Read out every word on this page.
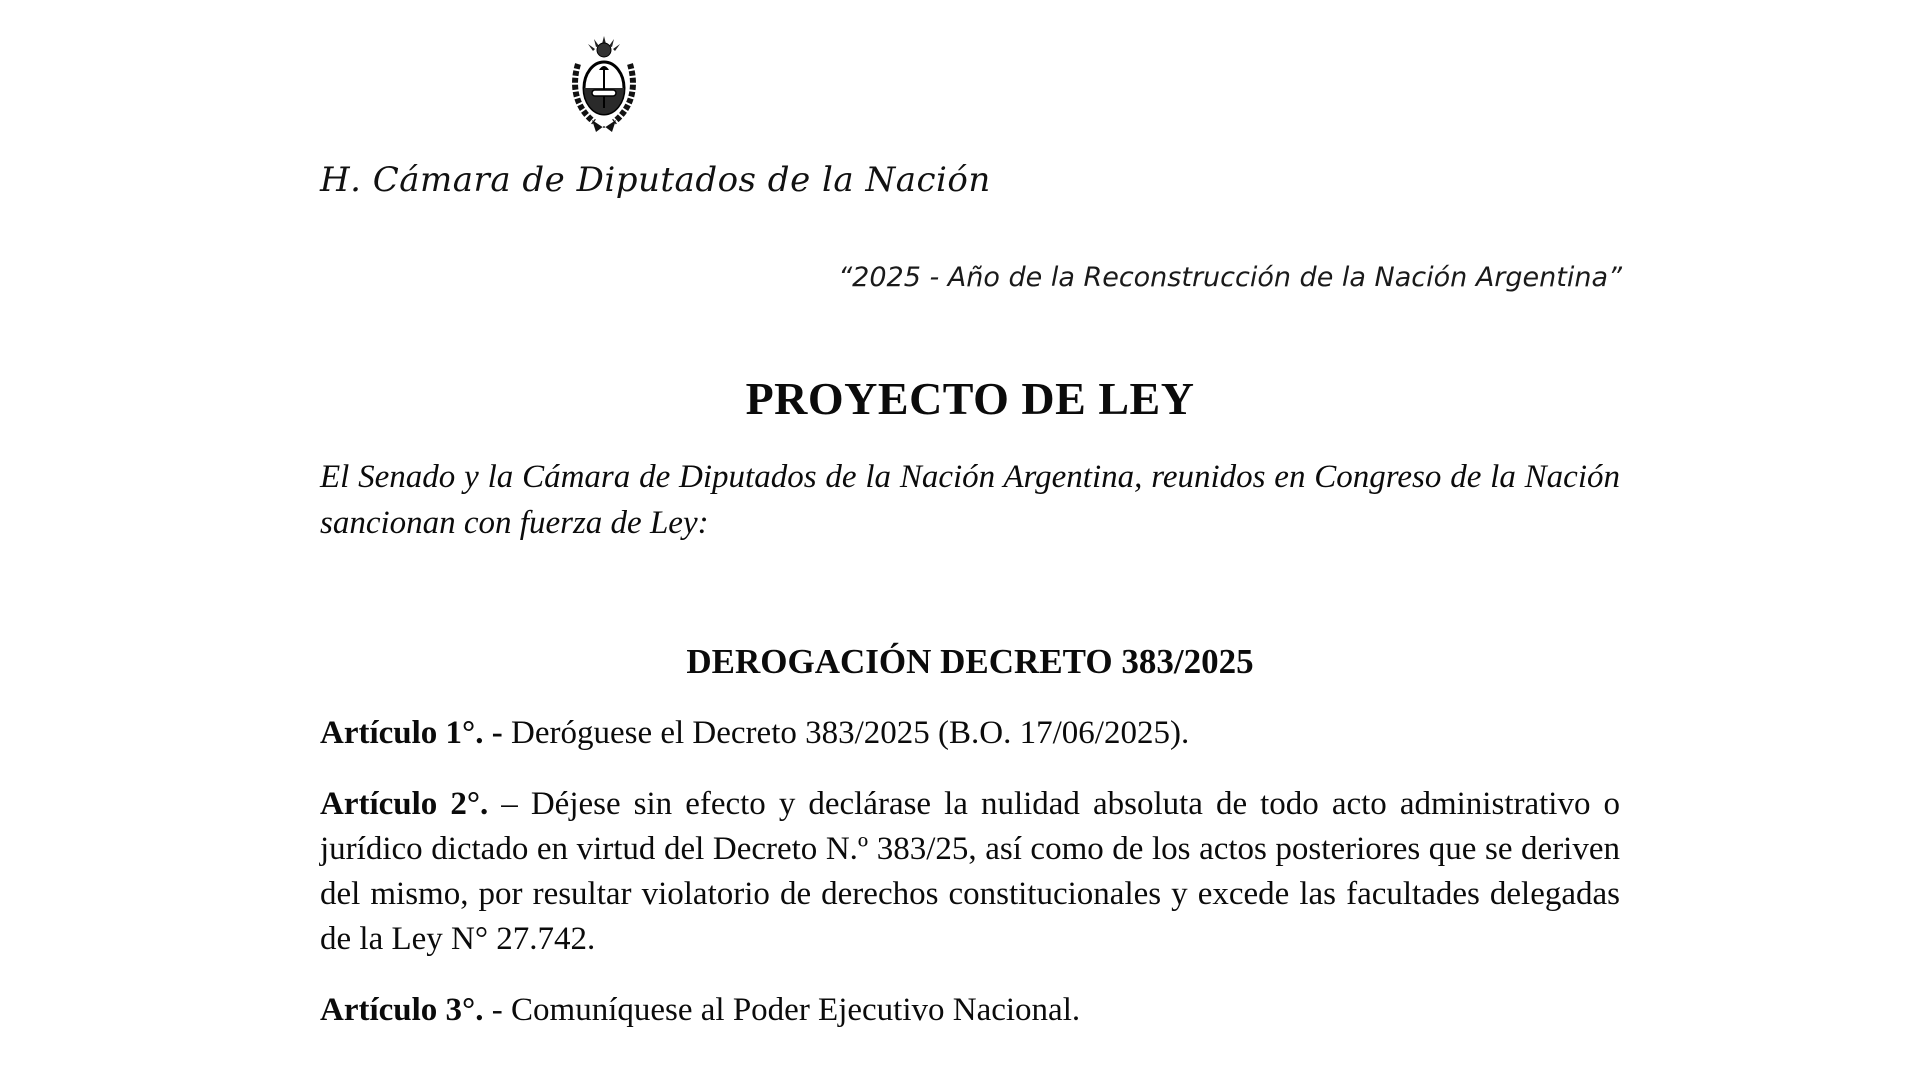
H. Cámara de Diputados de la Nación
“2025 - Año de la Reconstrucción de la Nación Argentina”
PROYECTO DE LEY
El Senado y la Cámara de Diputados de la Nación Argentina, reunidos en Congreso de la Nación sancionan con fuerza de Ley:
DEROGACIÓN DECRETO 383/2025
Artículo 1°. - Deróguese el Decreto 383/2025 (B.O. 17/06/2025).
Artículo 2°. – Déjese sin efecto y declárase la nulidad absoluta de todo acto administrativo o jurídico dictado en virtud del Decreto N.º 383/25, así como de los actos posteriores que se deriven del mismo, por resultar violatorio de derechos constitucionales y excede las facultades delegadas de la Ley N° 27.742.
Artículo 3°. - Comuníquese al Poder Ejecutivo Nacional.
